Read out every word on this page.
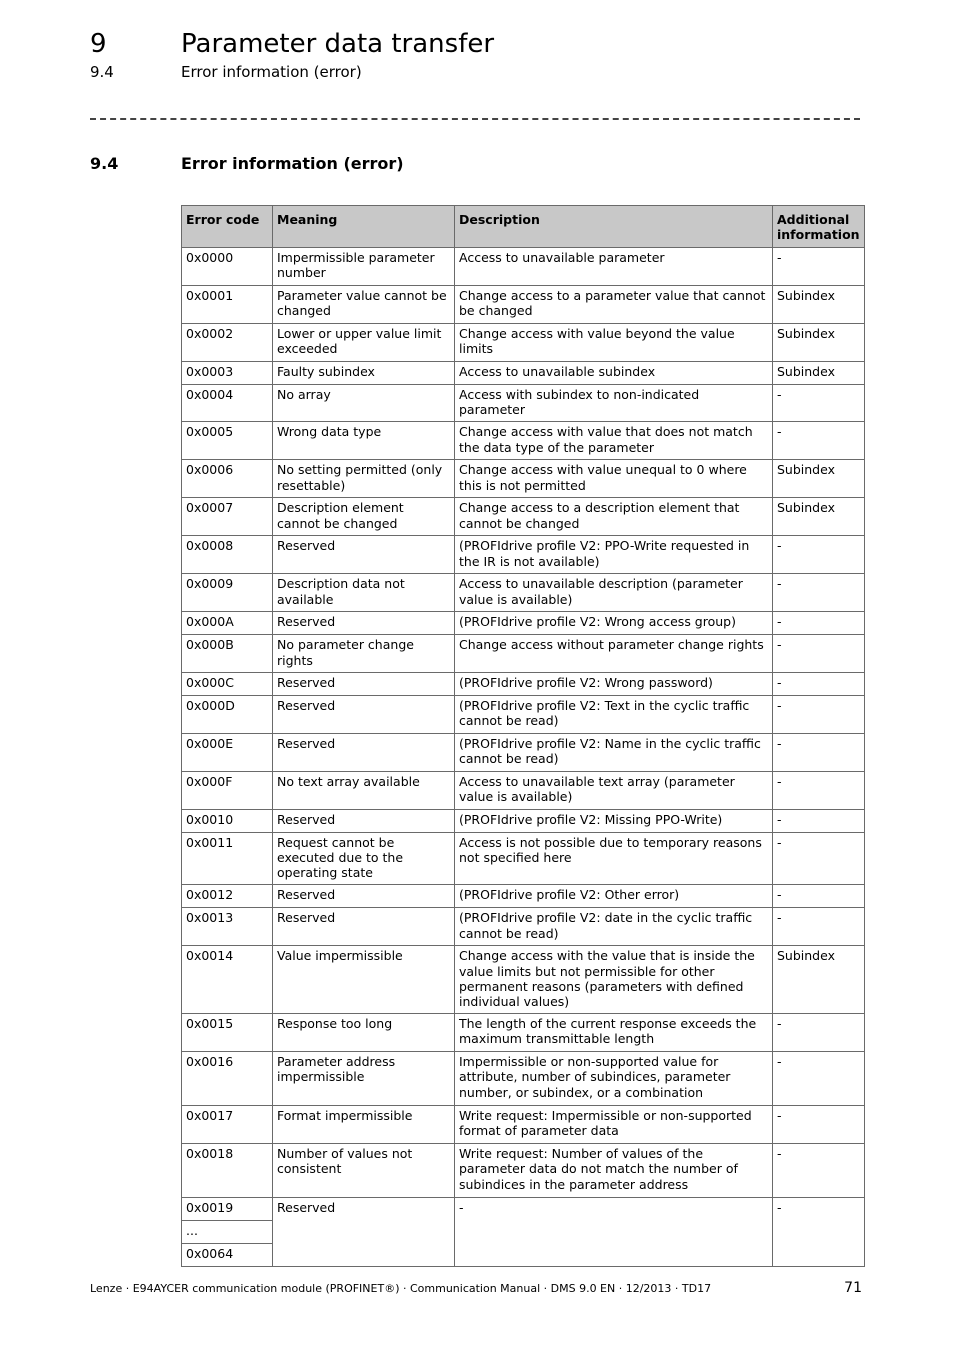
9	Parameter data transfer
9.4	Error information (error)
9.4	Error information (error)
Error code	Meaning	Description	Additional information
0x0000	Impermissible parameter number	Access to unavailable parameter	-
0x0001	Parameter value cannot be changed	Change access to a parameter value that cannot be changed	Subindex
0x0002	Lower or upper value limit exceeded	Change access with value beyond the value limits	Subindex
0x0003	Faulty subindex	Access to unavailable subindex	Subindex
0x0004	No array	Access with subindex to non-indicated parameter	-
0x0005	Wrong data type	Change access with value that does not match the data type of the parameter	-
0x0006	No setting permitted (only resettable)	Change access with value unequal to 0 where this is not permitted	Subindex
0x0007	Description element cannot be changed	Change access to a description element that cannot be changed	Subindex
0x0008	Reserved	(PROFIdrive profile V2: PPO-Write requested in the IR is not available)	-
0x0009	Description data not available	Access to unavailable description (parameter value is available)	-
0x000A	Reserved	(PROFIdrive profile V2: Wrong access group)	-
0x000B	No parameter change rights	Change access without parameter change rights	-
0x000C	Reserved	(PROFIdrive profile V2: Wrong password)	-
0x000D	Reserved	(PROFIdrive profile V2: Text in the cyclic traffic cannot be read)	-
0x000E	Reserved	(PROFIdrive profile V2: Name in the cyclic traffic cannot be read)	-
0x000F	No text array available	Access to unavailable text array (parameter value is available)	-
0x0010	Reserved	(PROFIdrive profile V2: Missing PPO-Write)	-
0x0011	Request cannot be executed due to the operating state	Access is not possible due to temporary reasons not specified here	-
0x0012	Reserved	(PROFIdrive profile V2: Other error)	-
0x0013	Reserved	(PROFIdrive profile V2: date in the cyclic traffic cannot be read)	-
0x0014	Value impermissible	Change access with the value that is inside the value limits but not permissible for other permanent reasons (parameters with defined individual values)	Subindex
0x0015	Response too long	The length of the current response exceeds the maximum transmittable length	-
0x0016	Parameter address impermissible	Impermissible or non-supported value for attribute, number of subindices, parameter number, or subindex, or a combination	-
0x0017	Format impermissible	Write request: Impermissible or non-supported format of parameter data	-
0x0018	Number of values not consistent	Write request: Number of values of the parameter data do not match the number of subindices in the parameter address	-
0x0019	Reserved	-	-
...			
0x0064			
Lenze · E94AYCER communication module (PROFINET®) · Communication Manual · DMS 9.0 EN · 12/2013 · TD17	71
